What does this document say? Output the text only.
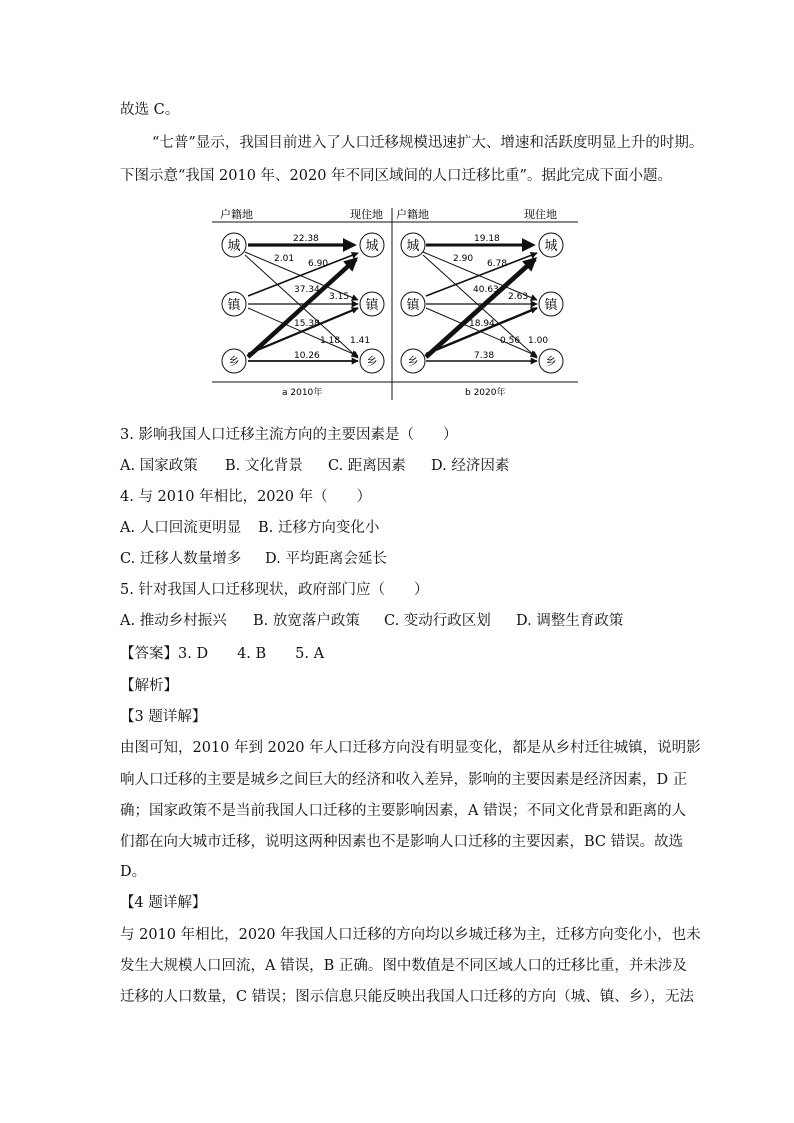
故选 C。
“七普”显示，我国目前进入了人口迁移规模迅速扩大、增速和活跃度明显上升的时期。
下图示意“我国 2010 年、2020 年不同区域间的人口迁移比重”。据此完成下面小题。
户籍地	现住地 户籍地	现住地
城
镇
乡
城
镇
乡
22.38
2.01 6.90
37.34
3.15
15.38
1.18 1.41
10.26
城
镇
乡
城
镇
乡
19.18
2.90 6.78
40.63
2.63
18.94
0.56 1.00
7.38
a 2010年	b 2020年
3. 影响我国人口迁移主流方向的主要因素是（　　）
A. 国家政策 B. 文化背景 C. 距离因素 D. 经济因素
4. 与 2010 年相比，2020 年（　　）
A. 人口回流更明显 B. 迁移方向变化小
C. 迁移人数量增多 D. 平均距离会延长
5. 针对我国人口迁移现状，政府部门应（　　）
A. 推动乡村振兴 B. 放宽落户政策 C. 变动行政区划 D. 调整生育政策
【答案】3. D　　4. B　　5. A
【解析】
【3 题详解】
由图可知，2010 年到 2020 年人口迁移方向没有明显变化，都是从乡村迁往城镇，说明影
响人口迁移的主要是城乡之间巨大的经济和收入差异，影响的主要因素是经济因素，D 正
确；国家政策不是当前我国人口迁移的主要影响因素，A 错误；不同文化背景和距离的人
们都在向大城市迁移，说明这两种因素也不是影响人口迁移的主要因素，BC 错误。故选
D。
【4 题详解】
与 2010 年相比，2020 年我国人口迁移的方向均以乡城迁移为主，迁移方向变化小，也未
发生大规模人口回流，A 错误，B 正确。图中数值是不同区域人口的迁移比重，并未涉及
迁移的人口数量，C 错误；图示信息只能反映出我国人口迁移的方向（城、镇、乡），无法
